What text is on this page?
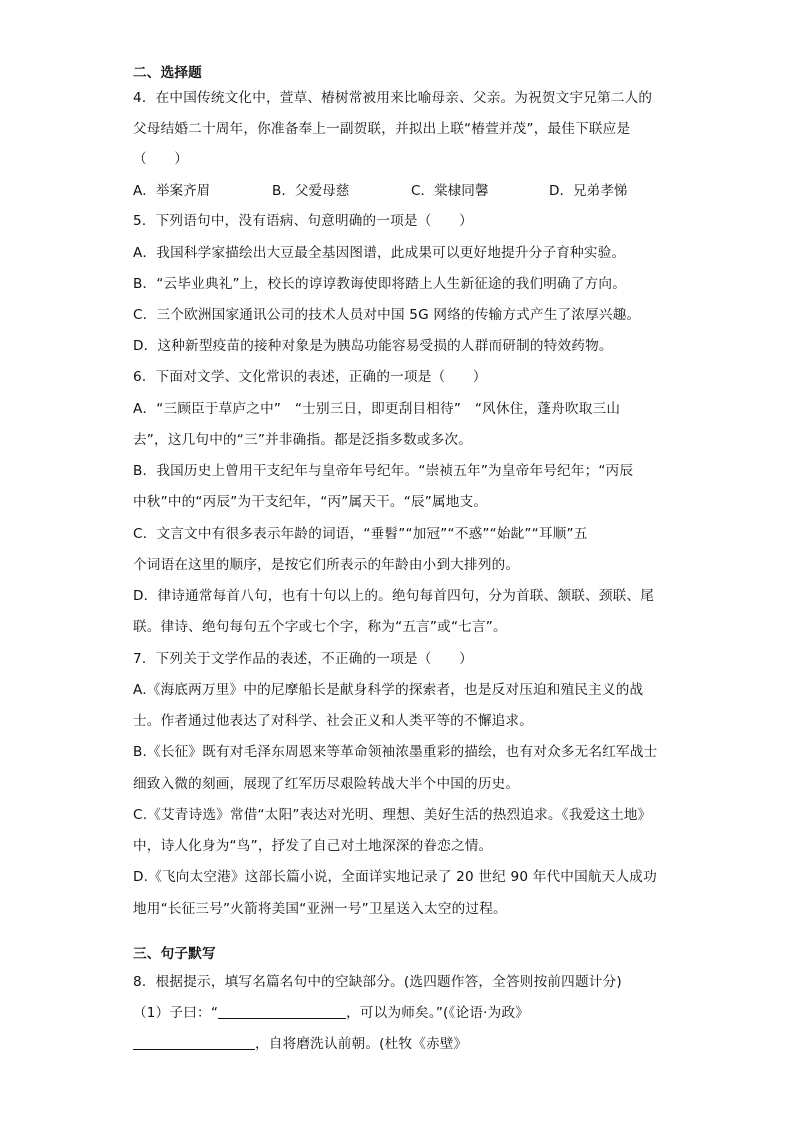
二、选择题
4．在中国传统文化中，萱草、椿树常被用来比喻母亲、父亲。为祝贺文宇兄第二人的
父母结婚二十周年，你准备奉上一副贺联，并拟出上联“椿萱并茂”，最佳下联应是
（　　）
A．举案齐眉	B．父爱母慈	C．棠棣同馨	D．兄弟孝悌
5．下列语句中，没有语病、句意明确的一项是（　　）
A．我国科学家描绘出大豆最全基因图谱，此成果可以更好地提升分子育种实验。
B．“云毕业典礼”上，校长的谆谆教诲使即将踏上人生新征途的我们明确了方向。
C．三个欧洲国家通讯公司的技术人员对中国 5G 网络的传输方式产生了浓厚兴趣。
D．这种新型疫苗的接种对象是为胰岛功能容易受损的人群而研制的特效药物。
6．下面对文学、文化常识的表述，正确的一项是（　　）
A．“三顾臣于草庐之中”　“士别三日，即更刮目相待”　“风休住，蓬舟吹取三山
去”，这几句中的“三”并非确指。都是泛指多数或多次。
B．我国历史上曾用干支纪年与皇帝年号纪年。“崇祯五年”为皇帝年号纪年；“丙辰
中秋”中的“丙辰”为干支纪年，“丙”属天干。“辰”属地支。
C．文言文中有很多表示年龄的词语，“垂髫”“加冠”“不惑”“始龀”“耳顺”五
个词语在这里的顺序，是按它们所表示的年龄由小到大排列的。
D．律诗通常每首八句，也有十句以上的。绝句每首四句，分为首联、颔联、颈联、尾
联。律诗、绝句每句五个字或七个字，称为“五言”或“七言”。
7．下列关于文学作品的表述，不正确的一项是（　　）
A.《海底两万里》中的尼摩船长是献身科学的探索者，也是反对压迫和殖民主义的战
士。作者通过他表达了对科学、社会正义和人类平等的不懈追求。
B.《长征》既有对毛泽东周恩来等革命领袖浓墨重彩的描绘，也有对众多无名红军战士
细致入微的刻画，展现了红军历尽艰险转战大半个中国的历史。
C.《艾青诗选》常借“太阳”表达对光明、理想、美好生活的热烈追求。《我爱这土地》
中，诗人化身为“鸟”，抒发了自己对土地深深的眷恋之情。
D.《飞向太空港》这部长篇小说，全面详实地记录了 20 世纪 90 年代中国航天人成功
地用“长征三号”火箭将美国“亚洲一号”卫星送入太空的过程。
三、句子默写
8．根据提示，填写名篇名句中的空缺部分。(选四题作答，全答则按前四题计分)
（1）子曰：“	，可以为师矣。”(《论语·为政》
，自将磨洗认前朝。(杜牧《赤壁》
